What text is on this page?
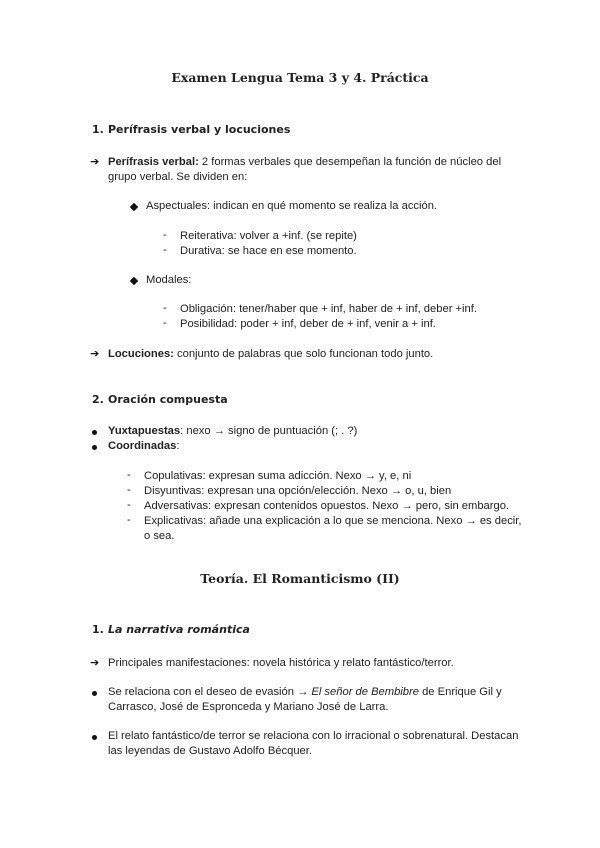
Examen Lengua Tema 3 y 4. Práctica
1. Perífrasis verbal y locuciones
➔ Perífrasis verbal: 2 formas verbales que desempeñan la función de núcleo del
grupo verbal. Se dividen en:
Aspectuales: indican en qué momento se realiza la acción.
- Reiterativa: volver a +inf. (se repite)
- Durativa: se hace en ese momento.
Modales:
- Obligación: tener/haber que + inf, haber de + inf, deber +inf.
- Posibilidad: poder + inf, deber de + inf, venir a + inf.
➔ Locuciones: conjunto de palabras que solo funcionan todo junto.
2. Oración compuesta
Yuxtapuestas: nexo → signo de puntuación (; . ?)
Coordinadas:
- Copulativas: expresan suma adicción. Nexo → y, e, ni
- Disyuntivas: expresan una opción/elección. Nexo → o, u, bien
- Adversativas: expresan contenidos opuestos. Nexo → pero, sin embargo.
- Explicativas: añade una explicación a lo que se menciona. Nexo → es decir,
o sea.
Teoría. El Romanticismo (II)
1. La narrativa romántica
➔ Principales manifestaciones: novela histórica y relato fantástico/terror.
Se relaciona con el deseo de evasión → El señor de Bembibre de Enrique Gil y
Carrasco, José de Espronceda y Mariano José de Larra.
El relato fantástico/de terror se relaciona con lo irracional o sobrenatural. Destacan
las leyendas de Gustavo Adolfo Bécquer.
